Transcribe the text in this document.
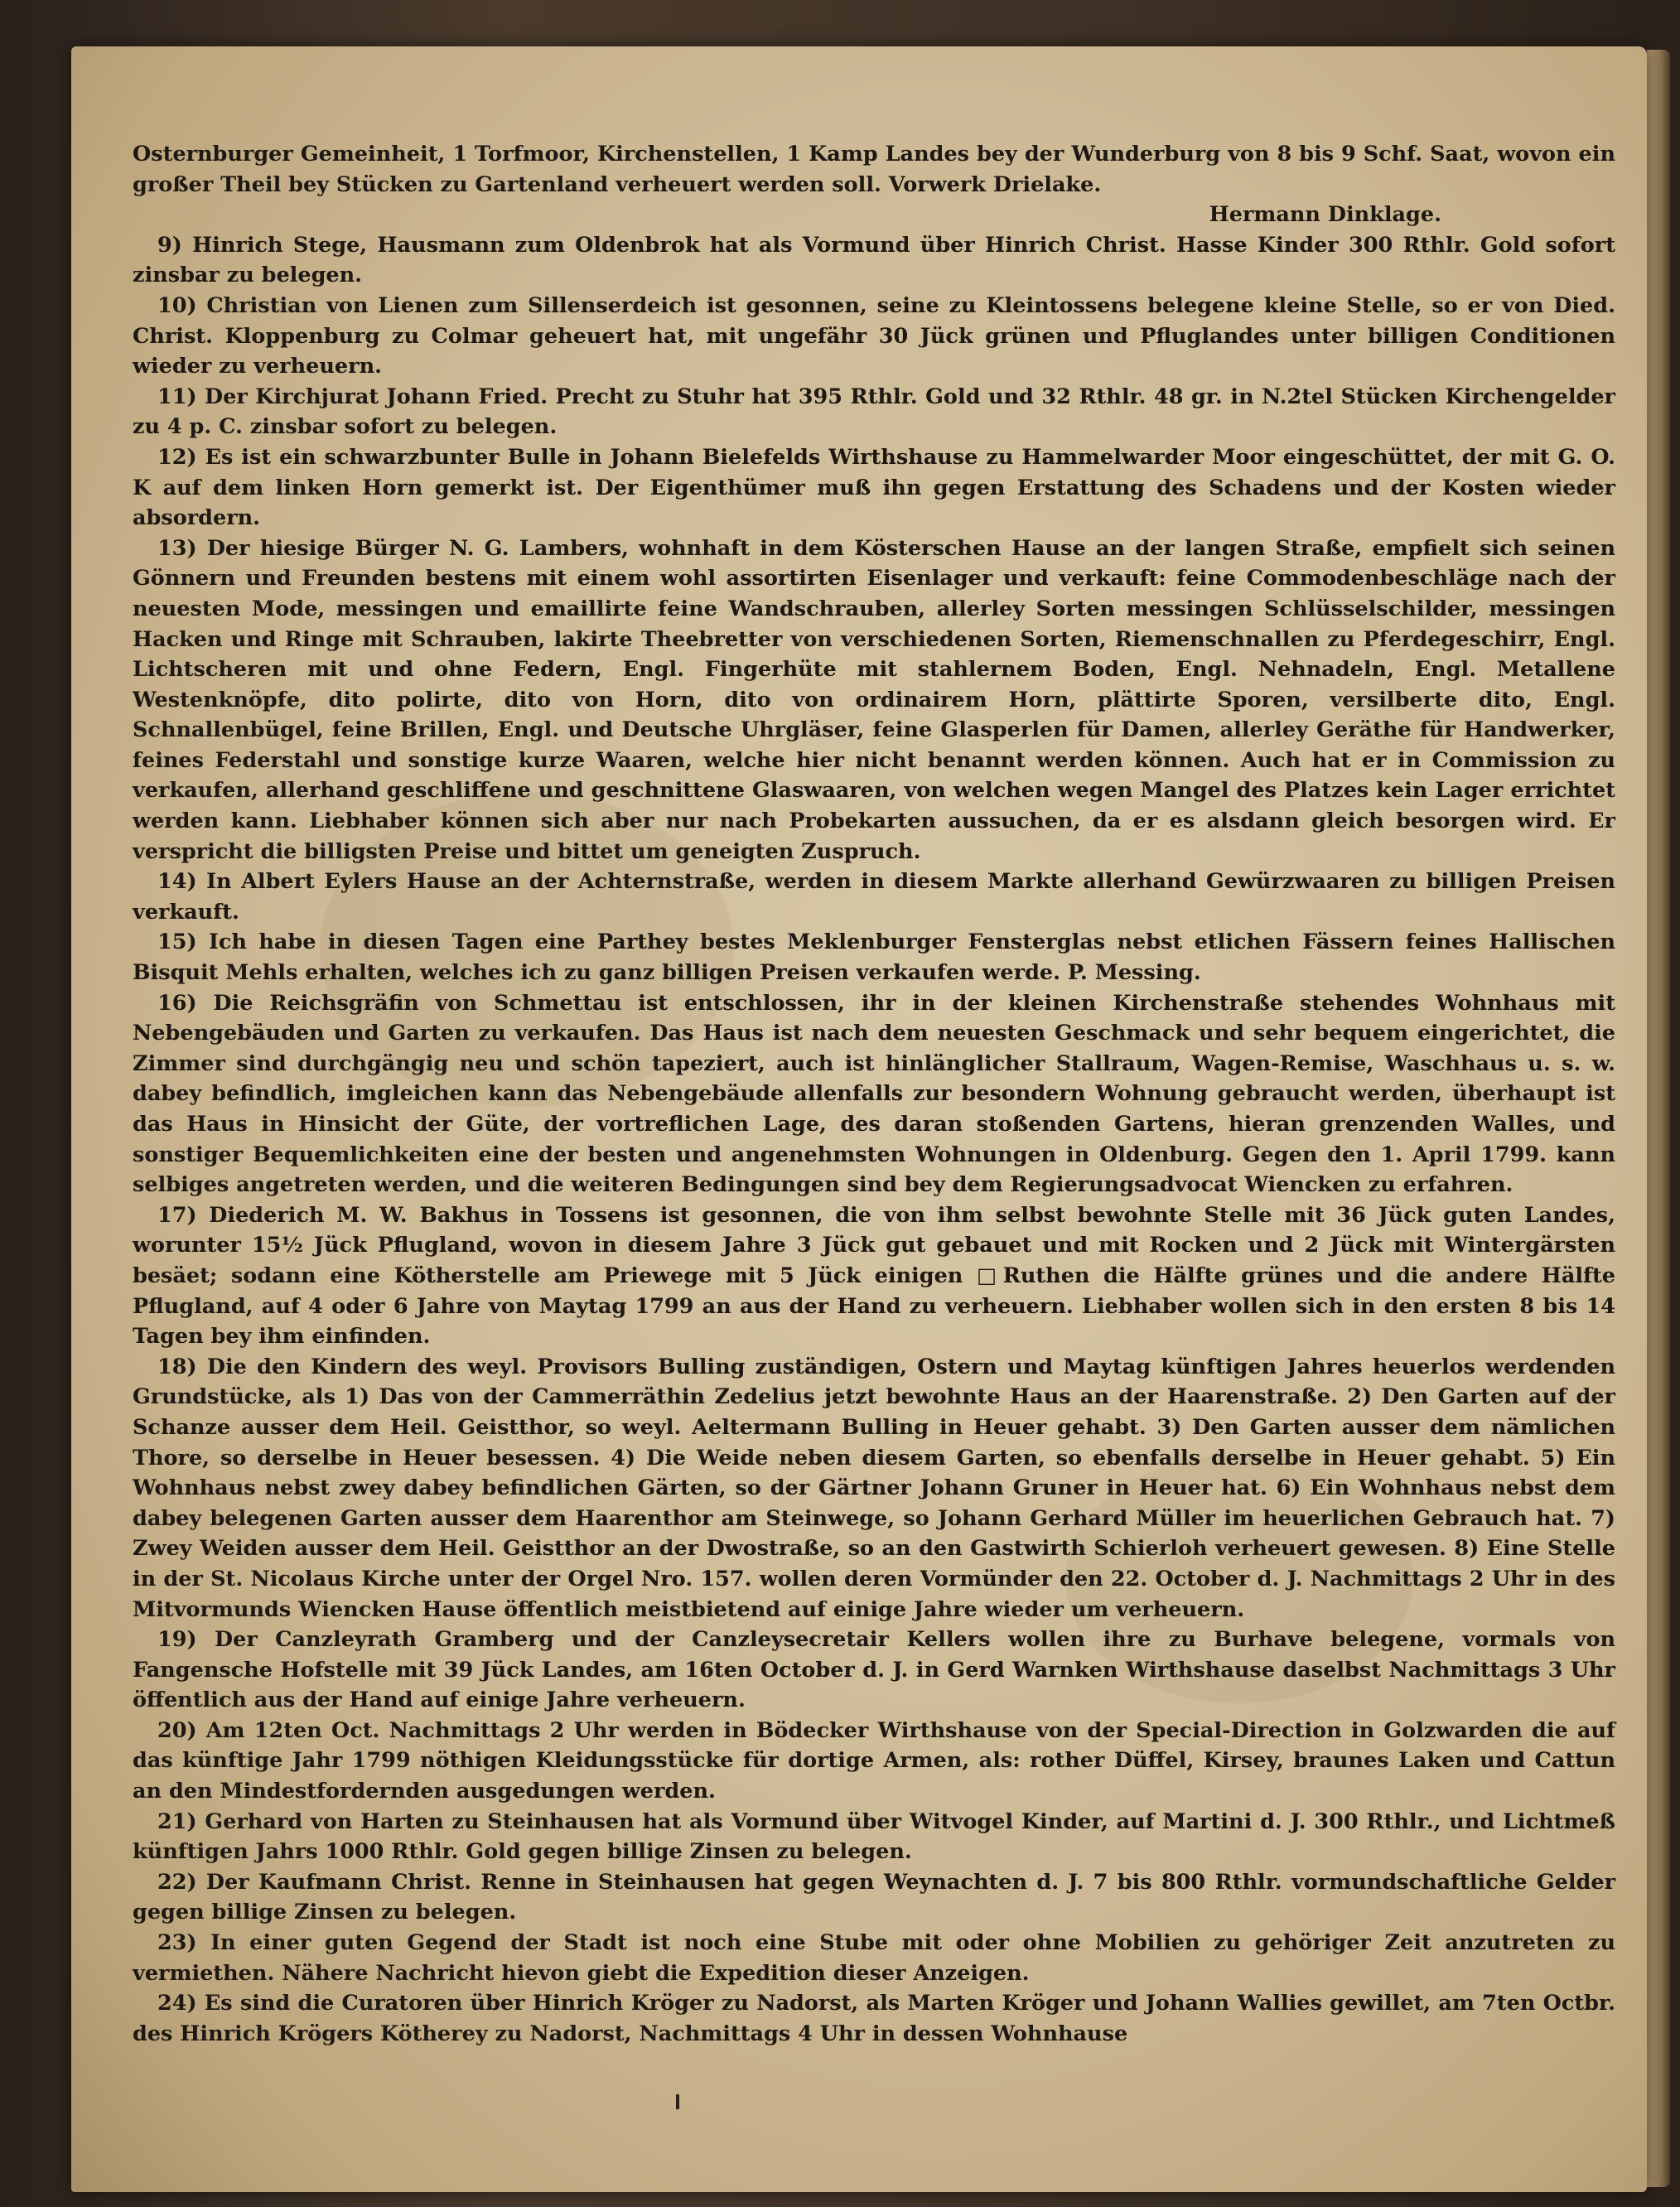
Osternburger Gemeinheit, 1 Torfmoor, Kirchenstellen, 1 Kamp Landes bey der Wunderburg von 8 bis 9 Schf. Saat, wovon ein großer Theil bey Stücken zu Gartenland verheuert werden soll. Vorwerk Drielake.

Hermann Dinklage.

9) Hinrich Stege, Hausmann zum Oldenbrok hat als Vormund über Hinrich Christ. Hasse Kinder 300 Rthlr. Gold sofort zinsbar zu belegen.

10) Christian von Lienen zum Sillenserdeich ist gesonnen, seine zu Kleintossens belegene kleine Stelle, so er von Died. Christ. Kloppenburg zu Colmar geheuert hat, mit ungefähr 30 Jück grünen und Pfluglandes unter billigen Conditionen wieder zu verheuern.

11) Der Kirchjurat Johann Fried. Precht zu Stuhr hat 395 Rthlr. Gold und 32 Rthlr. 48 gr. in N.2tel Stücken Kirchengelder zu 4 p. C. zinsbar sofort zu belegen.

12) Es ist ein schwarzbunter Bulle in Johann Bielefelds Wirthshause zu Hammelwarder Moor eingeschüttet, der mit G. O. K auf dem linken Horn gemerkt ist. Der Eigenthümer muß ihn gegen Erstattung des Schadens und der Kosten wieder absordern.

13) Der hiesige Bürger N. G. Lambers, wohnhaft in dem Kösterschen Hause an der langen Straße, empfielt sich seinen Gönnern und Freunden bestens mit einem wohl assortirten Eisenlager und verkauft: feine Commodenbeschläge nach der neuesten Mode, messingen und emaillirte feine Wandschrauben, allerley Sorten messingen Schlüsselschilder, messingen Hacken und Ringe mit Schrauben, lakirte Theebretter von verschiedenen Sorten, Riemenschnallen zu Pferdegeschirr, Engl. Lichtscheren mit und ohne Federn, Engl. Fingerhüte mit stahlernem Boden, Engl. Nehnadeln, Engl. Metallene Westenknöpfe, dito polirte, dito von Horn, dito von ordinairem Horn, plättirte Sporen, versilberte dito, Engl. Schnallenbügel, feine Brillen, Engl. und Deutsche Uhrgläser, feine Glasperlen für Damen, allerley Geräthe für Handwerker, feines Federstahl und sonstige kurze Waaren, welche hier nicht benannt werden können. Auch hat er in Commission zu verkaufen, allerhand geschliffene und geschnittene Glaswaaren, von welchen wegen Mangel des Platzes kein Lager errichtet werden kann. Liebhaber können sich aber nur nach Probekarten aussuchen, da er es alsdann gleich besorgen wird. Er verspricht die billigsten Preise und bittet um geneigten Zuspruch.

14) In Albert Eylers Hause an der Achternstraße, werden in diesem Markte allerhand Gewürzwaaren zu billigen Preisen verkauft.

15) Ich habe in diesen Tagen eine Parthey bestes Meklenburger Fensterglas nebst etlichen Fässern feines Hallischen Bisquit Mehls erhalten, welches ich zu ganz billigen Preisen verkaufen werde. P. Messing.

16) Die Reichsgräfin von Schmettau ist entschlossen, ihr in der kleinen Kirchenstraße stehendes Wohnhaus mit Nebengebäuden und Garten zu verkaufen. Das Haus ist nach dem neuesten Geschmack und sehr bequem eingerichtet, die Zimmer sind durchgängig neu und schön tapeziert, auch ist hinlänglicher Stallraum, Wagen-Remise, Waschhaus u. s. w. dabey befindlich, imgleichen kann das Nebengebäude allenfalls zur besondern Wohnung gebraucht werden, überhaupt ist das Haus in Hinsicht der Güte, der vortreflichen Lage, des daran stoßenden Gartens, hieran grenzenden Walles, und sonstiger Bequemlichkeiten eine der besten und angenehmsten Wohnungen in Oldenburg. Gegen den 1. April 1799. kann selbiges angetreten werden, und die weiteren Bedingungen sind bey dem Regierungsadvocat Wiencken zu erfahren.

17) Diederich M. W. Bakhus in Tossens ist gesonnen, die von ihm selbst bewohnte Stelle mit 36 Jück guten Landes, worunter 15½ Jück Pflugland, wovon in diesem Jahre 3 Jück gut gebauet und mit Rocken und 2 Jück mit Wintergärsten besäet; sodann eine Kötherstelle am Priewege mit 5 Jück einigen □Ruthen die Hälfte grünes und die andere Hälfte Pflugland, auf 4 oder 6 Jahre von Maytag 1799 an aus der Hand zu verheuern. Liebhaber wollen sich in den ersten 8 bis 14 Tagen bey ihm einfinden.

18) Die den Kindern des weyl. Provisors Bulling zuständigen, Ostern und Maytag künftigen Jahres heuerlos werdenden Grundstücke, als 1) Das von der Cammerräthin Zedelius jetzt bewohnte Haus an der Haarenstraße. 2) Den Garten auf der Schanze ausser dem Heil. Geistthor, so weyl. Aeltermann Bulling in Heuer gehabt. 3) Den Garten ausser dem nämlichen Thore, so derselbe in Heuer besessen. 4) Die Weide neben diesem Garten, so ebenfalls derselbe in Heuer gehabt. 5) Ein Wohnhaus nebst zwey dabey befindlichen Gärten, so der Gärtner Johann Gruner in Heuer hat. 6) Ein Wohnhaus nebst dem dabey belegenen Garten ausser dem Haarenthor am Steinwege, so Johann Gerhard Müller im heuerlichen Gebrauch hat. 7) Zwey Weiden ausser dem Heil. Geistthor an der Dwostraße, so an den Gastwirth Schierloh verheuert gewesen. 8) Eine Stelle in der St. Nicolaus Kirche unter der Orgel Nro. 157. wollen deren Vormünder den 22. October d. J. Nachmittags 2 Uhr in des Mitvormunds Wiencken Hause öffentlich meistbietend auf einige Jahre wieder um verheuern.

19) Der Canzleyrath Gramberg und der Canzleysecretair Kellers wollen ihre zu Burhave belegene, vormals von Fangensche Hofstelle mit 39 Jück Landes, am 16ten October d. J. in Gerd Warnken Wirthshause daselbst Nachmittags 3 Uhr öffentlich aus der Hand auf einige Jahre verheuern.

20) Am 12ten Oct. Nachmittags 2 Uhr werden in Bödecker Wirthshause von der Special-Direction in Golzwarden die auf das künftige Jahr 1799 nöthigen Kleidungsstücke für dortige Armen, als: rother Düffel, Kirsey, braunes Laken und Cattun an den Mindestfordernden ausgedungen werden.

21) Gerhard von Harten zu Steinhausen hat als Vormund über Witvogel Kinder, auf Martini d. J. 300 Rthlr., und Lichtmeß künftigen Jahrs 1000 Rthlr. Gold gegen billige Zinsen zu belegen.

22) Der Kaufmann Christ. Renne in Steinhausen hat gegen Weynachten d. J. 7 bis 800 Rthlr. vormundschaftliche Gelder gegen billige Zinsen zu belegen.

23) In einer guten Gegend der Stadt ist noch eine Stube mit oder ohne Mobilien zu gehöriger Zeit anzutreten zu vermiethen. Nähere Nachricht hievon giebt die Expedition dieser Anzeigen.

24) Es sind die Curatoren über Hinrich Kröger zu Nadorst, als Marten Kröger und Johann Wallies gewillet, am 7ten Octbr. des Hinrich Krögers Kötherey zu Nadorst, Nachmittags 4 Uhr in dessen Wohnhause
